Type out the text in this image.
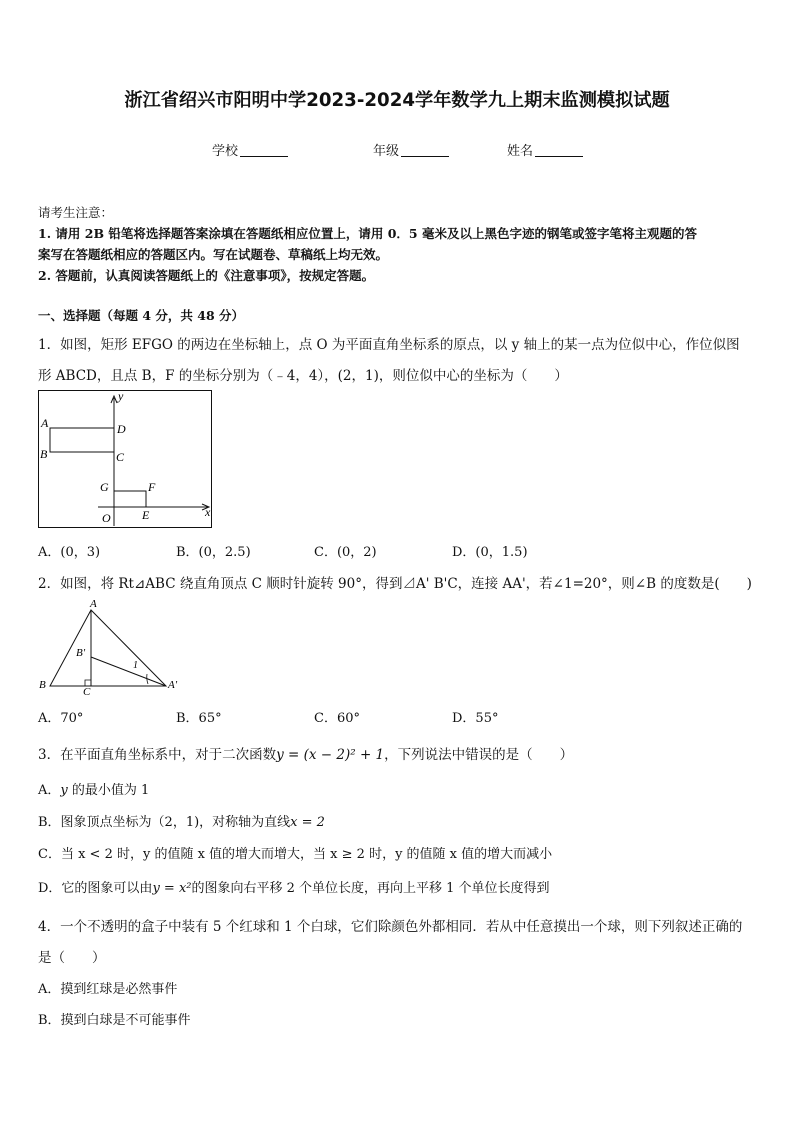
浙江省绍兴市阳明中学2023-2024学年数学九上期末监测模拟试题
学校	年级	姓名
请考生注意：
1. 请用 2B 铅笔将选择题答案涂填在答题纸相应位置上，请用 0．5 毫米及以上黑色字迹的钢笔或签字笔将主观题的答
案写在答题纸相应的答题区内。写在试题卷、草稿纸上均无效。
2. 答题前，认真阅读答题纸上的《注意事项》，按规定答题。
一、选择题（每题 4 分，共 48 分）
1．如图，矩形 EFGO 的两边在坐标轴上，点 O 为平面直角坐标系的原点，以 y 轴上的某一点为位似中心，作位似图
形 ABCD，且点 B，F 的坐标分别为（﹣4，4），(2，1)，则位似中心的坐标为（　　）
y
x
A	D
B	C
G	F
O	E
A．(0，3)	B．(0，2.5)	C．(0，2)	D．(0，1.5)
2．如图，将 Rt⊿ABC 绕直角顶点 C 顺时针旋转 90°，得到⊿A' B'C，连接 AA'，若∠1=20°，则∠B 的度数是(　　)
A
B'
B
C
A'
1
A．70°	B．65°	C．60°	D．55°
3．在平面直角坐标系中，对于二次函数y = (x − 2)² + 1，下列说法中错误的是（　　）
A．y 的最小值为 1
B．图象顶点坐标为（2，1)，对称轴为直线x = 2
C．当 x < 2 时，y 的值随 x 值的增大而增大，当 x ≥ 2 时，y 的值随 x 值的增大而减小
D．它的图象可以由y = x²的图象向右平移 2 个单位长度，再向上平移 1 个单位长度得到
4．一个不透明的盒子中装有 5 个红球和 1 个白球，它们除颜色外都相同．若从中任意摸出一个球，则下列叙述正确的
是（　　）
A．摸到红球是必然事件
B．摸到白球是不可能事件
